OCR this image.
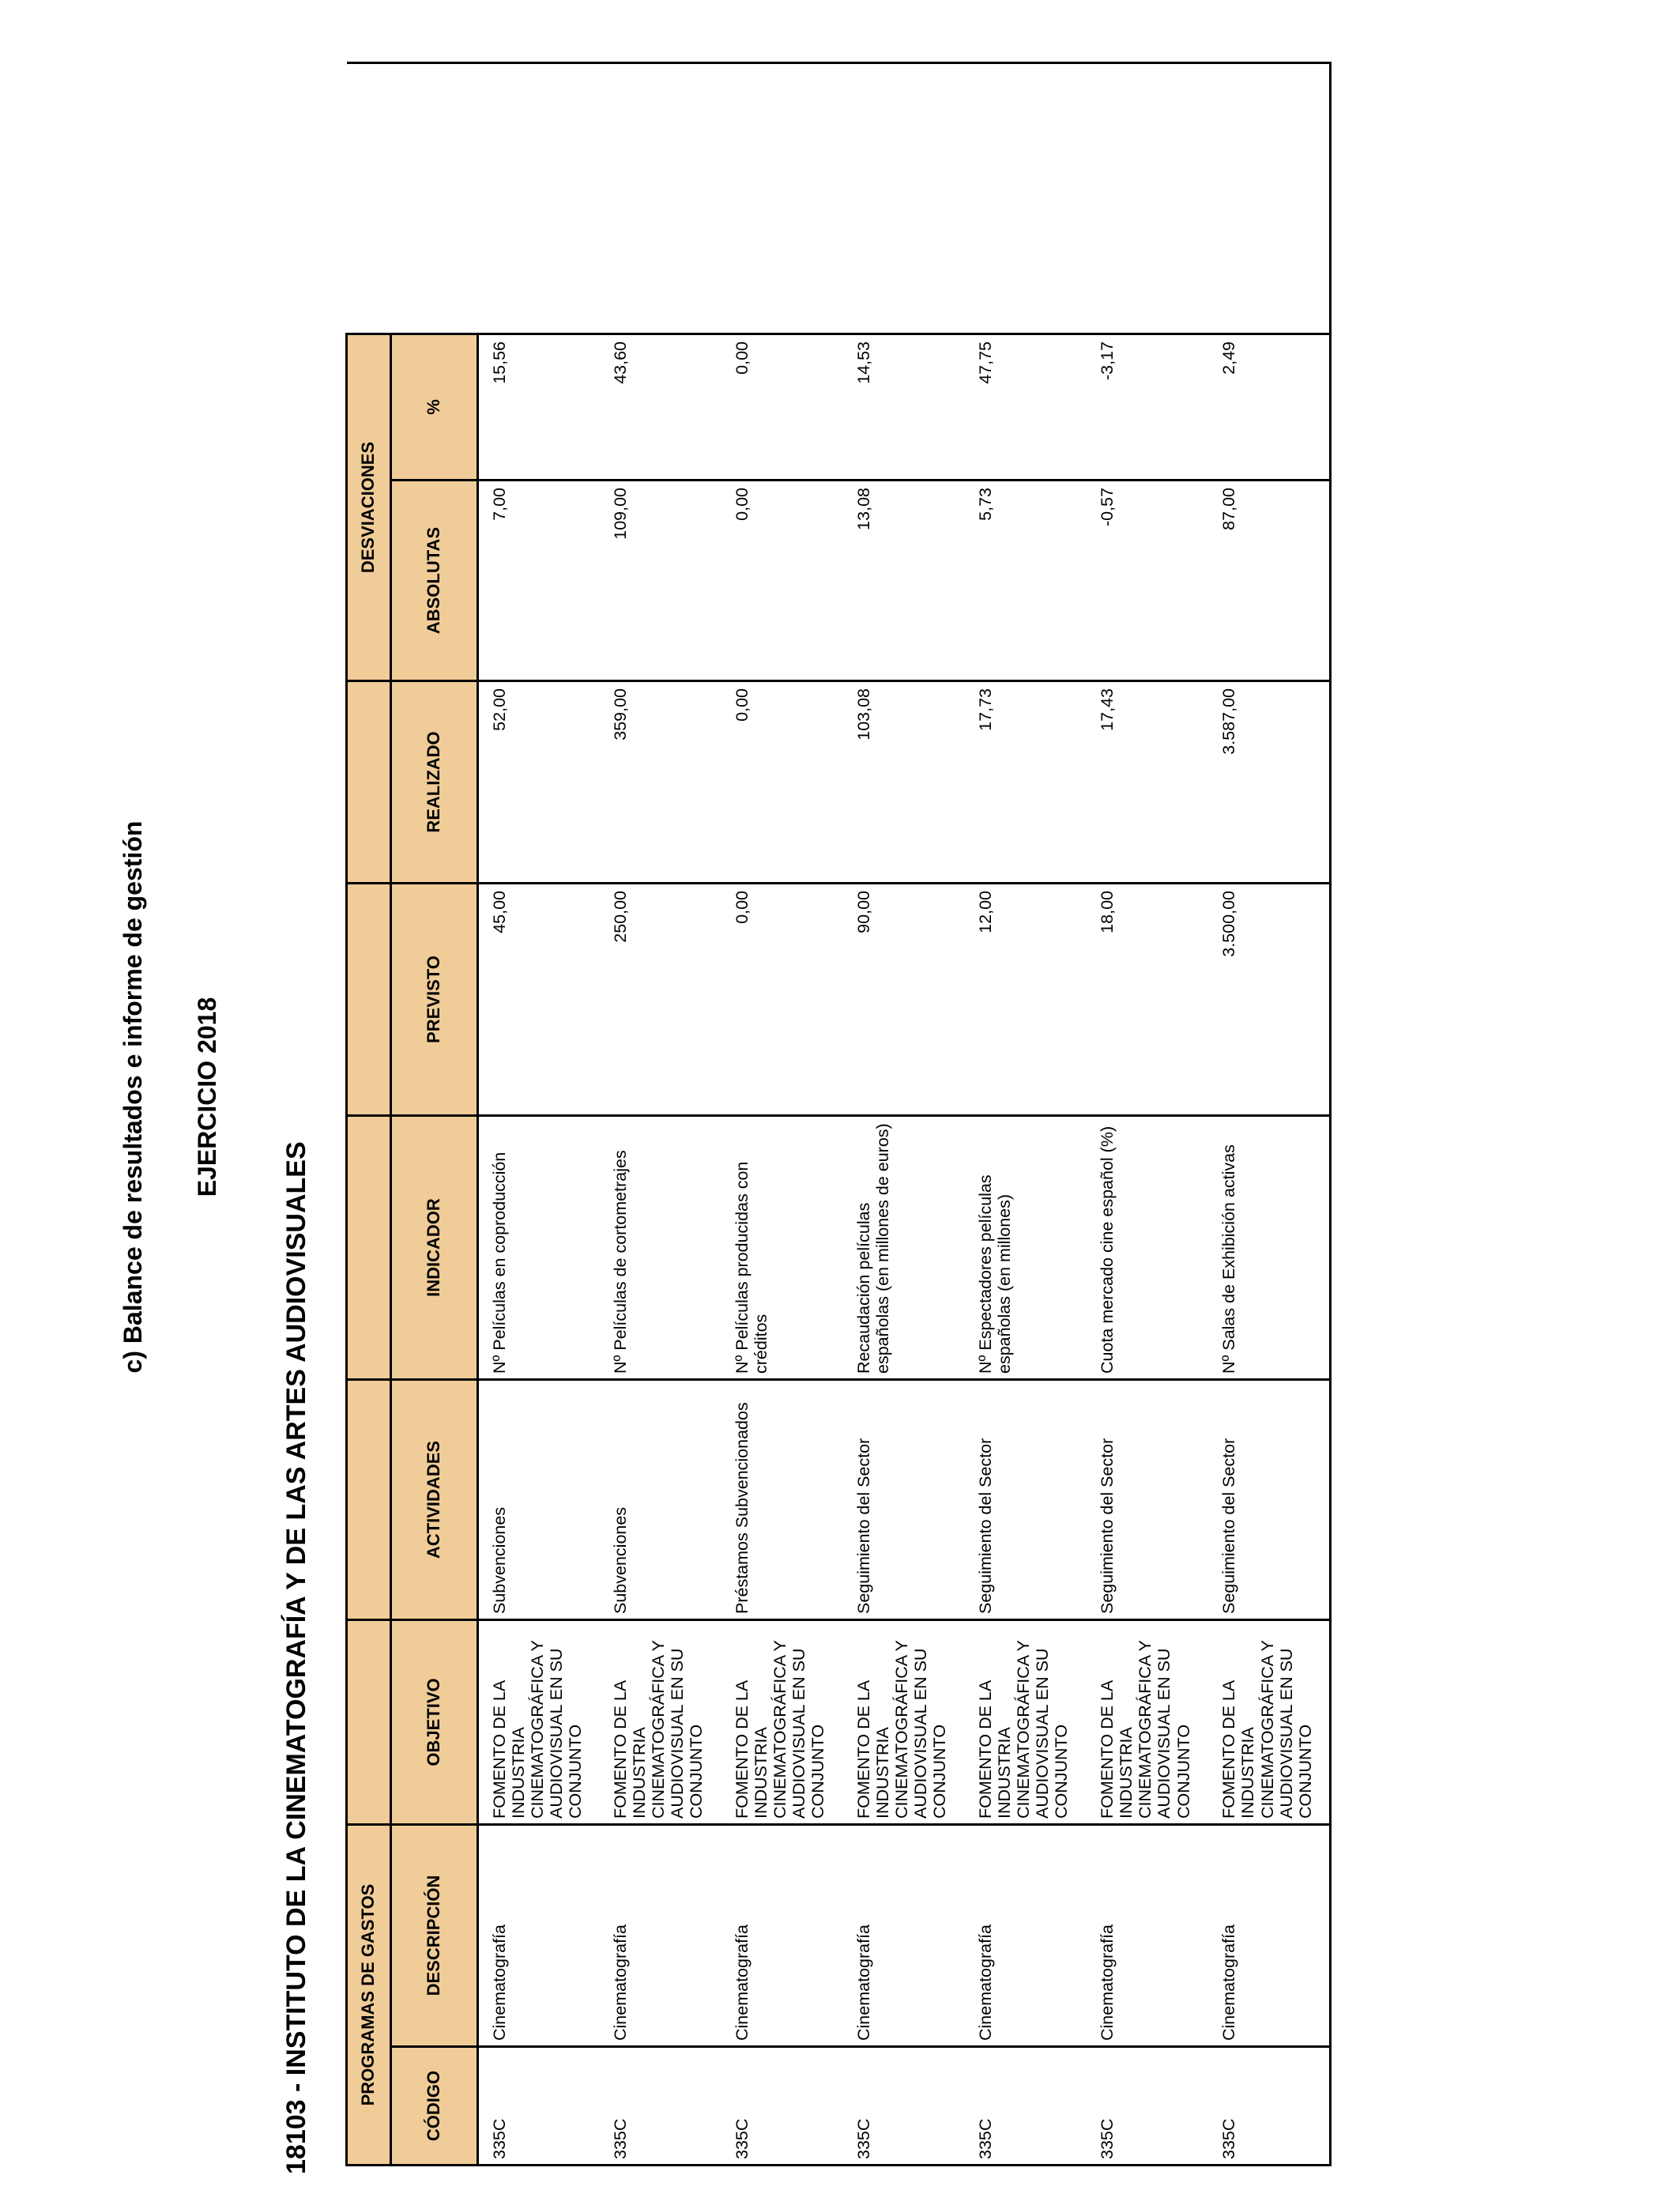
c) Balance de resultados e informe de gestión EJERCICIO 2018
18103 - INSTITUTO DE LA CINEMATOGRAFÍA Y DE LAS ARTES AUDIOVISUALES	PROGRAMAS DE GASTOS							DESVIACIONES		
CÓDIGO	DESCRIPCIÓN	OBJETIVO	ACTIVIDADES	INDICADOR	PREVISTO	REALIZADO	ABSOLUTAS	%	
335C	Cinematografía	FOMENTO DE LA INDUSTRIA CINEMATOGRÁFICA Y AUDIOVISUAL EN SU CONJUNTO	Subvenciones	Nº Películas en coproducción	45,00	52,00	7,00	15,56	
335C	Cinematografía	FOMENTO DE LA INDUSTRIA CINEMATOGRÁFICA Y AUDIOVISUAL EN SU CONJUNTO	Subvenciones	Nº Películas de cortometrajes	250,00	359,00	109,00	43,60	
335C	Cinematografía	FOMENTO DE LA INDUSTRIA CINEMATOGRÁFICA Y AUDIOVISUAL EN SU CONJUNTO	Préstamos Subvencionados	Nº Películas producidas con créditos	0,00	0,00	0,00	0,00	
335C	Cinematografía	FOMENTO DE LA INDUSTRIA CINEMATOGRÁFICA Y AUDIOVISUAL EN SU CONJUNTO	Seguimiento del Sector	Recaudación películas españolas (en millones de euros)	90,00	103,08	13,08	14,53	
335C	Cinematografía	FOMENTO DE LA INDUSTRIA CINEMATOGRÁFICA Y AUDIOVISUAL EN SU CONJUNTO	Seguimiento del Sector	Nº Espectadores películas españolas (en millones)	12,00	17,73	5,73	47,75	
335C	Cinematografía	FOMENTO DE LA INDUSTRIA CINEMATOGRÁFICA Y AUDIOVISUAL EN SU CONJUNTO	Seguimiento del Sector	Cuota mercado cine español (%)	18,00	17,43	-0,57	-3,17	
335C	Cinematografía	FOMENTO DE LA INDUSTRIA CINEMATOGRÁFICA Y AUDIOVISUAL EN SU CONJUNTO	Seguimiento del Sector	Nº Salas de Exhibición activas	3.500,00	3.587,00	87,00	2,49	
